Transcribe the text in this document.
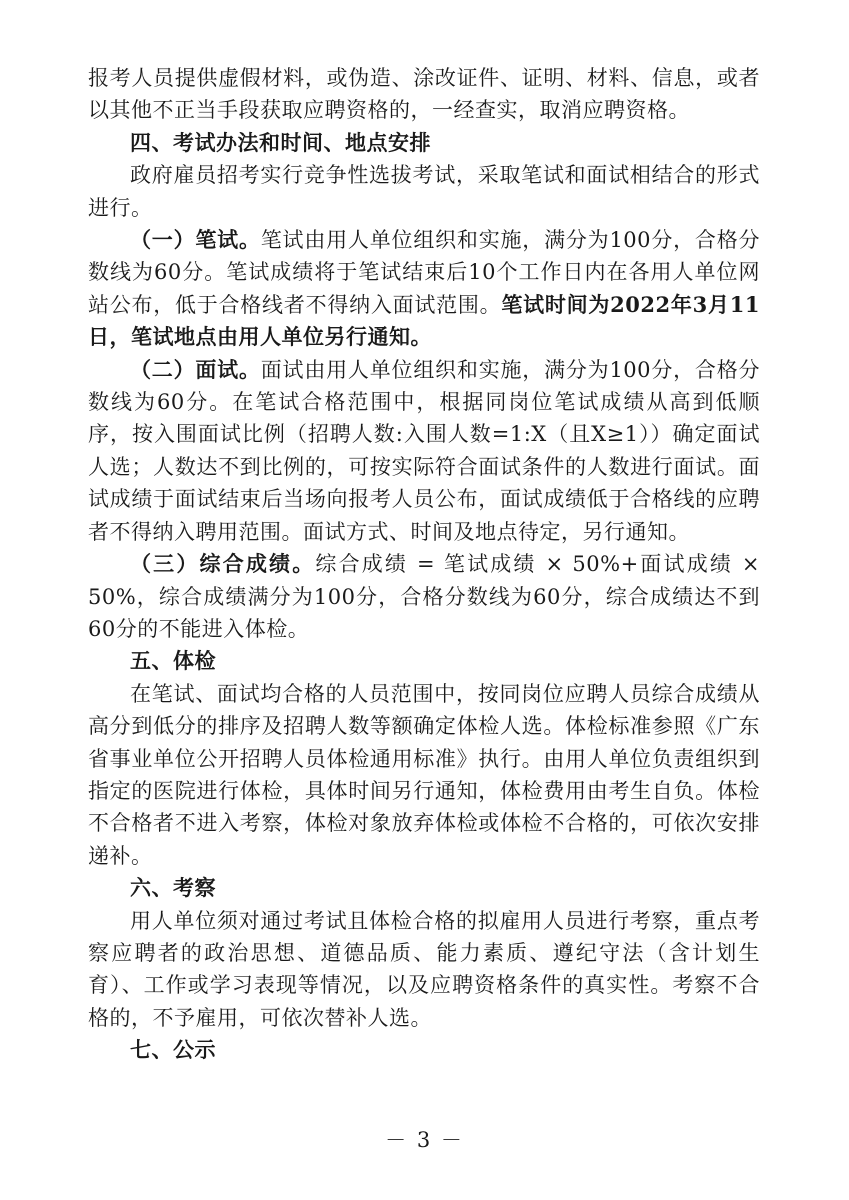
报考人员提供虚假材料，或伪造、涂改证件、证明、材料、信息，或者以其他不正当手段获取应聘资格的，一经查实，取消应聘资格。

四、考试办法和时间、地点安排

政府雇员招考实行竞争性选拔考试，采取笔试和面试相结合的形式进行。

（一）笔试。笔试由用人单位组织和实施，满分为100分，合格分数线为60分。笔试成绩将于笔试结束后10个工作日内在各用人单位网站公布，低于合格线者不得纳入面试范围。笔试时间为2022年3月11日，笔试地点由用人单位另行通知。

（二）面试。面试由用人单位组织和实施，满分为100分，合格分数线为60分。在笔试合格范围中，根据同岗位笔试成绩从高到低顺序，按入围面试比例（招聘人数:入围人数=1:X（且X≥1））确定面试人选；人数达不到比例的，可按实际符合面试条件的人数进行面试。面试成绩于面试结束后当场向报考人员公布，面试成绩低于合格线的应聘者不得纳入聘用范围。面试方式、时间及地点待定，另行通知。

（三）综合成绩。综合成绩 = 笔试成绩 × 50%+面试成绩 × 50%，综合成绩满分为100分，合格分数线为60分，综合成绩达不到60分的不能进入体检。

五、体检

在笔试、面试均合格的人员范围中，按同岗位应聘人员综合成绩从高分到低分的排序及招聘人数等额确定体检人选。体检标准参照《广东省事业单位公开招聘人员体检通用标准》执行。由用人单位负责组织到指定的医院进行体检，具体时间另行通知，体检费用由考生自负。体检不合格者不进入考察，体检对象放弃体检或体检不合格的，可依次安排递补。

六、考察

用人单位须对通过考试且体检合格的拟雇用人员进行考察，重点考察应聘者的政治思想、道德品质、能力素质、遵纪守法（含计划生育）、工作或学习表现等情况，以及应聘资格条件的真实性。考察不合格的，不予雇用，可依次替补人选。

七、公示

－ 3 －
